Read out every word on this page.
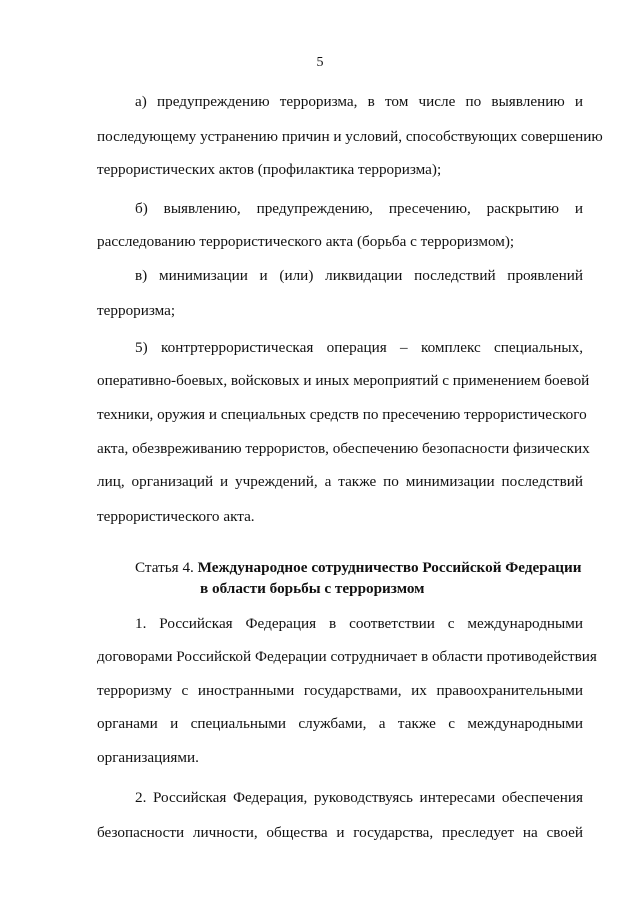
5
а) предупреждению терроризма, в том числе по выявлению и
последующему устранению причин и условий, способствующих совершению
террористических актов (профилактика терроризма);
б) выявлению, предупреждению, пресечению, раскрытию и
расследованию террористического акта (борьба с терроризмом);
в) минимизации и (или) ликвидации последствий проявлений
терроризма;
5) контртеррористическая операция – комплекс специальных,
оперативно-боевых, войсковых и иных мероприятий с применением боевой
техники, оружия и специальных средств по пресечению террористического
акта, обезвреживанию террористов, обеспечению безопасности физических
лиц, организаций и учреждений, а также по минимизации последствий
террористического акта.
Статья 4. Международное сотрудничество Российской Федерации
в области борьбы с терроризмом
1. Российская Федерация в соответствии с международными
договорами Российской Федерации сотрудничает в области противодействия
терроризму с иностранными государствами, их правоохранительными
органами и специальными службами, а также с международными
организациями.
2. Российская Федерация, руководствуясь интересами обеспечения
безопасности личности, общества и государства, преследует на своей
